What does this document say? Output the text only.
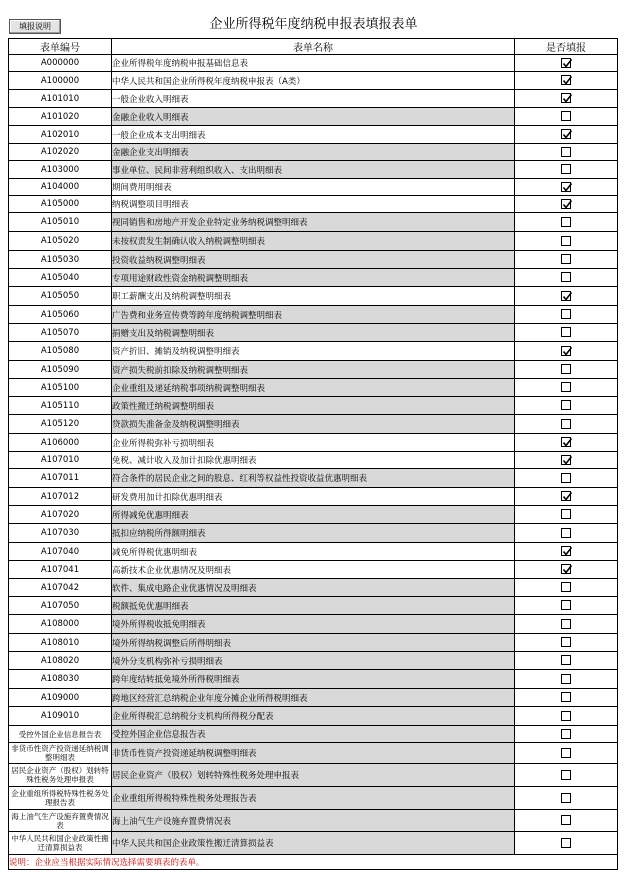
填报说明	企业所得税年度纳税申报表填报表单
表单编号	表单名称	是否填报
A000000	企业所得税年度纳税申报基础信息表	

A100000	中华人民共和国企业所得税年度纳税申报表（A类）	

A101010	一般企业收入明细表	

A101020	金融企业收入明细表	
A102010	一般企业成本支出明细表	

A102020	金融企业支出明细表	
A103000	事业单位、民间非营利组织收入、支出明细表	
A104000	期间费用明细表	

A105000	纳税调整项目明细表	

A105010	视同销售和房地产开发企业特定业务纳税调整明细表	
A105020	未按权责发生制确认收入纳税调整明细表	
A105030	投资收益纳税调整明细表	
A105040	专项用途财政性资金纳税调整明细表	
A105050	职工薪酬支出及纳税调整明细表	

A105060	广告费和业务宣传费等跨年度纳税调整明细表	
A105070	捐赠支出及纳税调整明细表	
A105080	资产折旧、摊销及纳税调整明细表	

A105090	资产损失税前扣除及纳税调整明细表	
A105100	企业重组及递延纳税事项纳税调整明细表	
A105110	政策性搬迁纳税调整明细表	
A105120	贷款损失准备金及纳税调整明细表	
A106000	企业所得税弥补亏损明细表	

A107010	免税、减计收入及加计扣除优惠明细表	

A107011	符合条件的居民企业之间的股息、红利等权益性投资收益优惠明细表	
A107012	研发费用加计扣除优惠明细表	

A107020	所得减免优惠明细表	
A107030	抵扣应纳税所得额明细表	
A107040	减免所得税优惠明细表	

A107041	高新技术企业优惠情况及明细表	

A107042	软件、集成电路企业优惠情况及明细表	
A107050	税额抵免优惠明细表	
A108000	境外所得税收抵免明细表	
A108010	境外所得纳税调整后所得明细表	
A108020	境外分支机构弥补亏损明细表	
A108030	跨年度结转抵免境外所得税明细表	
A109000	跨地区经营汇总纳税企业年度分摊企业所得税明细表	
A109010	企业所得税汇总纳税分支机构所得税分配表	
受控外国企业信息报告表	受控外国企业信息报告表	
非货币性资产投资递延纳税调整明细表	非货币性资产投资递延纳税调整明细表	
居民企业资产（股权）划转特殊性税务处理申报表	居民企业资产（股权）划转特殊性税务处理申报表	
企业重组所得税特殊性税务处理报告表	企业重组所得税特殊性税务处理报告表	
海上油气生产设施弃置费情况表	海上油气生产设施弃置费情况表	
中华人民共和国企业政策性搬迁清算损益表	中华人民共和国企业政策性搬迁清算损益表	
说明：企业应当根据实际情况选择需要填表的表单。		
